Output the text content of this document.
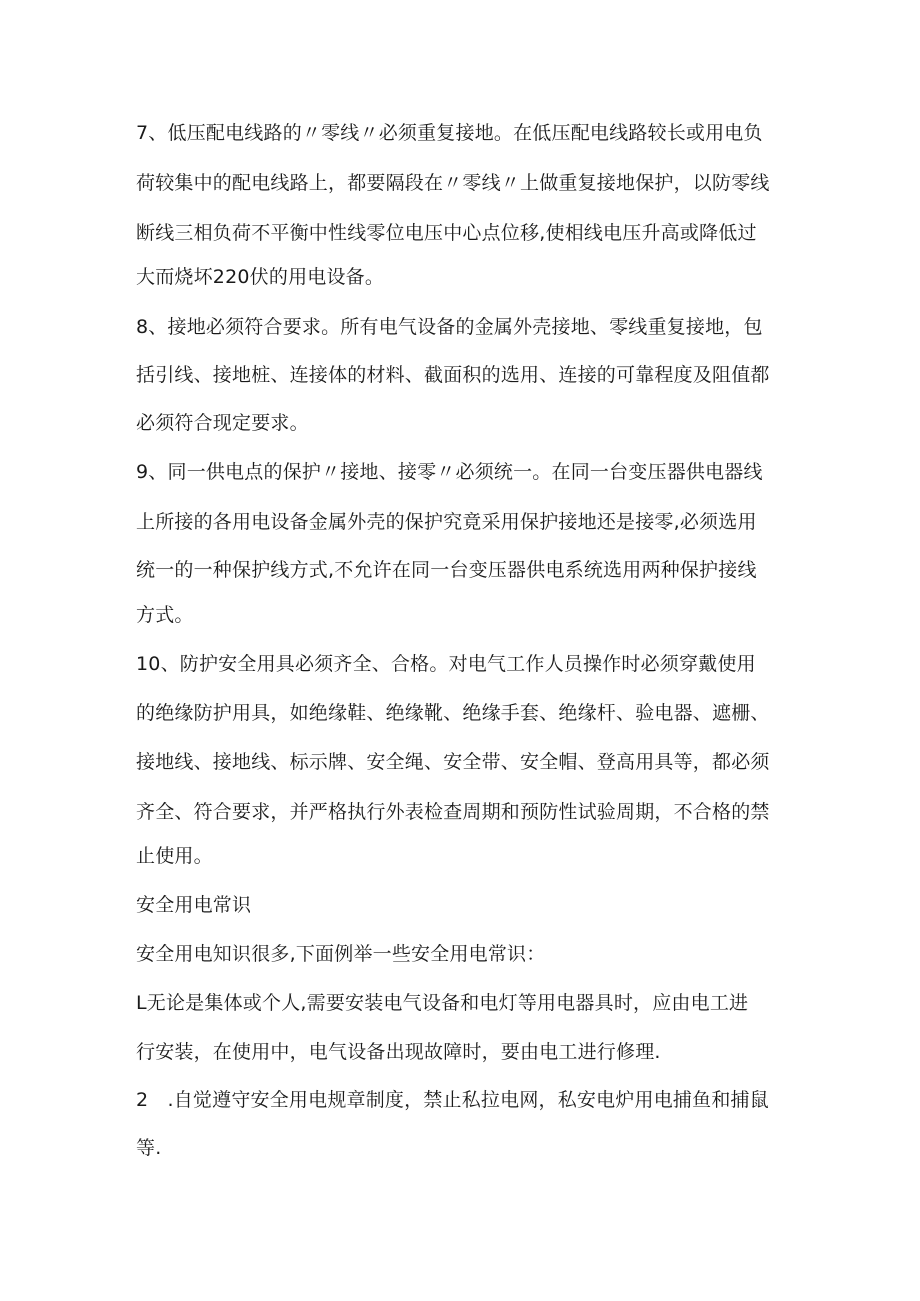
7、低压配电线路的〃零线〃必须重复接地。在低压配电线路较长或用电负
荷较集中的配电线路上，都要隔段在〃零线〃上做重复接地保护，以防零线
断线三相负荷不平衡中性线零位电压中心点位移,使相线电压升高或降低过
大而烧坏220伏的用电设备。
8、接地必须符合要求。所有电气设备的金属外壳接地、零线重复接地，包
括引线、接地桩、连接体的材料、截面积的选用、连接的可靠程度及阻值都
必须符合现定要求。
9、同一供电点的保护〃接地、接零〃必须统一。在同一台变压器供电器线
上所接的各用电设备金属外壳的保护究竟采用保护接地还是接零,必须选用
统一的一种保护线方式,不允许在同一台变压器供电系统选用两种保护接线
方式。
10、防护安全用具必须齐全、合格。对电气工作人员操作时必须穿戴使用
的绝缘防护用具，如绝缘鞋、绝缘靴、绝缘手套、绝缘杆、验电器、遮栅、
接地线、接地线、标示牌、安全绳、安全带、安全帽、登高用具等，都必须
齐全、符合要求，并严格执行外表检查周期和预防性试验周期，不合格的禁
止使用。
安全用电常识
安全用电知识很多,下面例举一些安全用电常识：
L无论是集体或个人,需要安装电气设备和电灯等用电器具时，应由电工进
行安装，在使用中，电气设备出现故障时，要由电工进行修理.
2　.自觉遵守安全用电规章制度，禁止私拉电网，私安电炉用电捕鱼和捕鼠
等.
